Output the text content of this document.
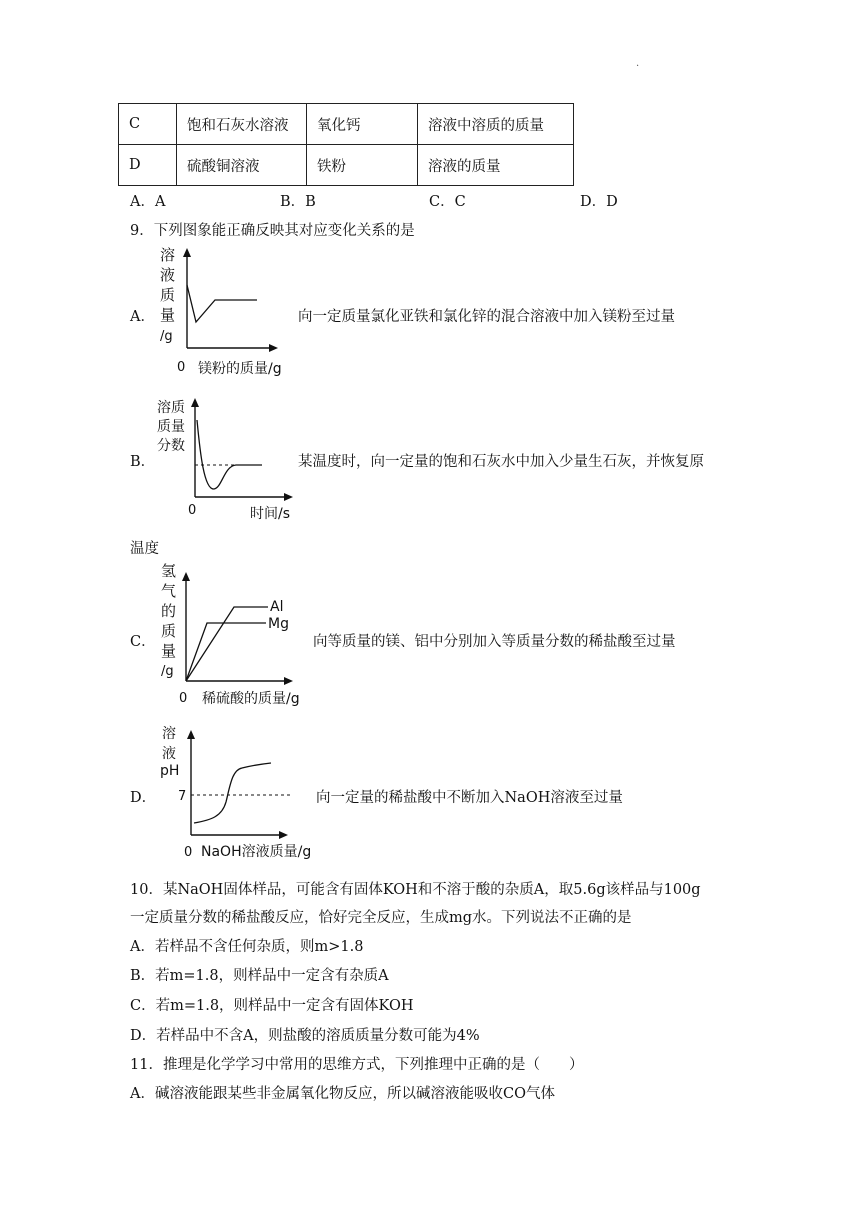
.
C	饱和石灰水溶液	氧化钙	溶液中溶质的质量
D	硫酸铜溶液	铁粉	溶液的质量
A．A	B．B	C．C	D．D
9．下列图象能正确反映其对应变化关系的是
A．
溶
液
质
量
/g
0 镁粉的质量/g
向一定质量氯化亚铁和氯化锌的混合溶液中加入镁粉至过量
B．
溶质
质量
分数
0	时间/s
某温度时，向一定量的饱和石灰水中加入少量生石灰，并恢复原
温度
C．
氢
气
的
质
量
/g
Al
Mg
0 稀硫酸的质量/g
向等质量的镁、铝中分别加入等质量分数的稀盐酸至过量
D．
溶
液
pH
7
0 NaOH溶液质量/g
向一定量的稀盐酸中不断加入NaOH溶液至过量
10．某NaOH固体样品，可能含有固体KOH和不溶于酸的杂质A，取5.6g该样品与100g
一定质量分数的稀盐酸反应，恰好完全反应，生成mg水。下列说法不正确的是
A．若样品不含任何杂质，则m>1.8
B．若m=1.8，则样品中一定含有杂质A
C．若m=1.8，则样品中一定含有固体KOH
D．若样品中不含A，则盐酸的溶质质量分数可能为4%
11．推理是化学学习中常用的思维方式，下列推理中正确的是（　　）
A．碱溶液能跟某些非金属氧化物反应，所以碱溶液能吸收CO气体
